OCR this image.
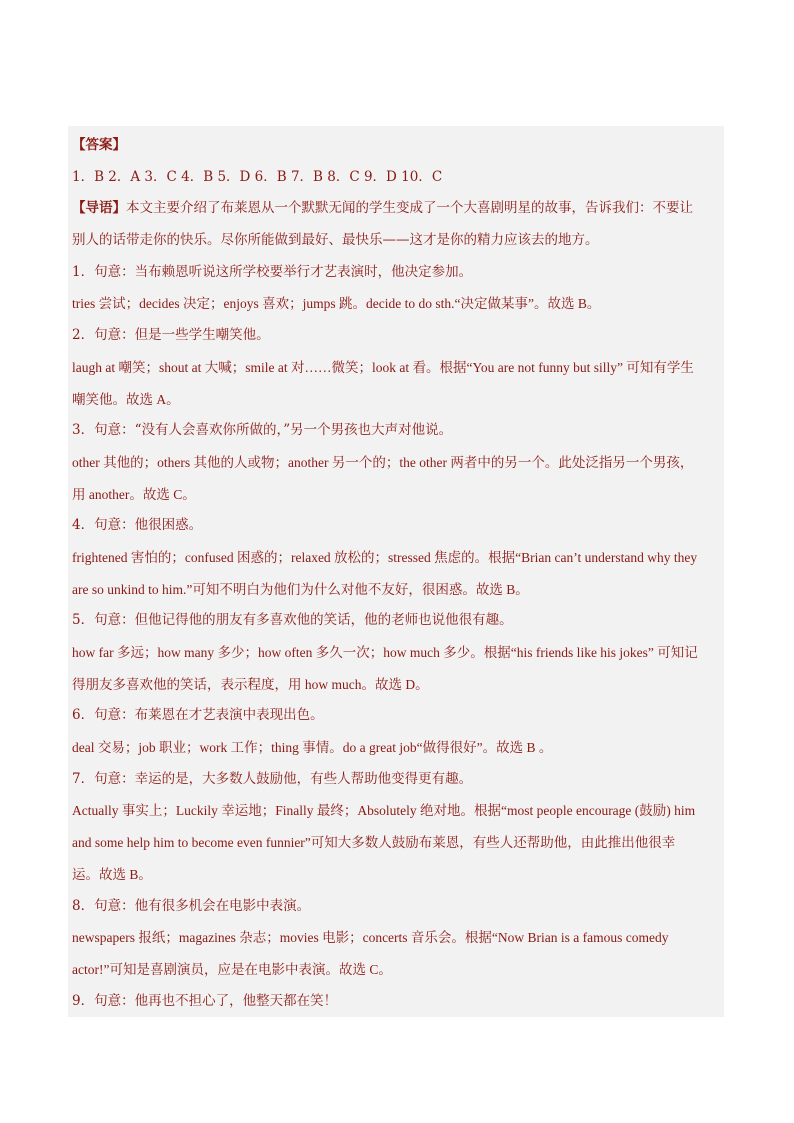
【答案】
1．B 2．A 3．C 4．B 5．D 6．B 7．B 8．C 9．D 10．C
【导语】本文主要介绍了布莱恩从一个默默无闻的学生变成了一个大喜剧明星的故事，告诉我们：不要让
别人的话带走你的快乐。尽你所能做到最好、最快乐——这才是你的精力应该去的地方。
1．句意：当布赖恩听说这所学校要举行才艺表演时，他决定参加。
tries 尝试；decides 决定；enjoys 喜欢；jumps 跳。decide to do sth.“决定做某事”。故选 B。
2．句意：但是一些学生嘲笑他。
laugh at 嘲笑；shout at 大喊；smile at 对……微笑；look at 看。根据“You are not funny but silly” 可知有学生
嘲笑他。故选 A。
3．句意：“没有人会喜欢你所做的，”另一个男孩也大声对他说。
other 其他的；others 其他的人或物；another 另一个的；the other 两者中的另一个。此处泛指另一个男孩，
用 another。故选 C。
4．句意：他很困惑。
frightened 害怕的；confused 困惑的；relaxed 放松的；stressed 焦虑的。根据“Brian can’t understand why they
are so unkind to him.”可知不明白为他们为什么对他不友好，很困惑。故选 B。
5．句意：但他记得他的朋友有多喜欢他的笑话，他的老师也说他很有趣。
how far 多远；how many 多少；how often 多久一次；how much 多少。根据“his friends like his jokes” 可知记
得朋友多喜欢他的笑话，表示程度，用 how much。故选 D。
6．句意：布莱恩在才艺表演中表现出色。
deal 交易；job 职业；work 工作；thing 事情。do a great job“做得很好”。故选 B 。
7．句意：幸运的是，大多数人鼓励他，有些人帮助他变得更有趣。
Actually 事实上；Luckily 幸运地；Finally 最终；Absolutely 绝对地。根据“most people encourage (鼓励) him
and some help him to become even funnier”可知大多数人鼓励布莱恩，有些人还帮助他，由此推出他很幸
运。故选 B。
8．句意：他有很多机会在电影中表演。
newspapers 报纸；magazines 杂志；movies 电影；concerts 音乐会。根据“Now Brian is a famous comedy
actor!”可知是喜剧演员，应是在电影中表演。故选 C。
9．句意：他再也不担心了，他整天都在笑！
